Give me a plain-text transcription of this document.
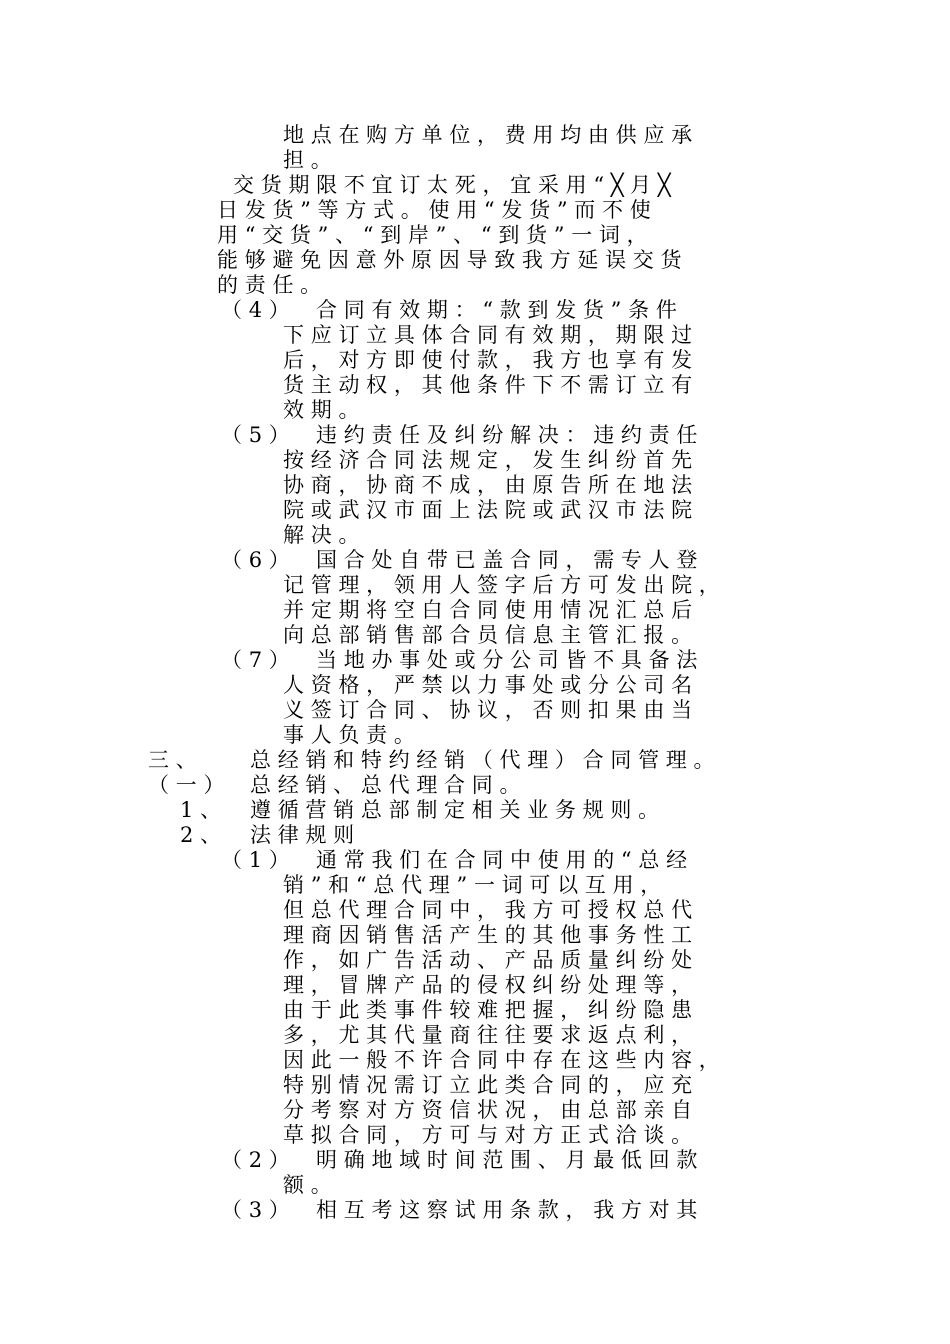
地点在购方单位，费用均由供应承

担。

交货期限不宜订太死，宜采用“╳月╳

日发货”等方式。使用“发货”而不使

用“交货”、“到岸”、“到货”一词，

能够避免因意外原因导致我方延误交货

的责任。

（4） 合同有效期：“款到发货”条件

下应订立具体合同有效期，期限过

后，对方即使付款，我方也享有发

货主动权，其他条件下不需订立有

效期。

（5） 违约责任及纠纷解决：违约责任

按经济合同法规定，发生纠纷首先

协商，协商不成，由原告所在地法

院或武汉市面上法院或武汉市法院

解决。

（6） 国合处自带已盖合同，需专人登

记管理，领用人签字后方可发出院，

并定期将空白合同使用情况汇总后

向总部销售部合员信息主管汇报。

（7） 当地办事处或分公司皆不具备法

人资格，严禁以力事处或分公司名

义签订合同、协议，否则扣果由当

事人负责。

三、 总经销和特约经销（代理）合同管理。

（一） 总经销、总代理合同。

1、 遵循营销总部制定相关业务规则。

2、 法律规则

（1） 通常我们在合同中使用的“总经

销”和“总代理”一词可以互用，

但总代理合同中，我方可授权总代

理商因销售活产生的其他事务性工

作，如广告活动、产品质量纠纷处

理，冒牌产品的侵权纠纷处理等，

由于此类事件较难把握，纠纷隐患

多，尤其代量商往往要求返点利，

因此一般不许合同中存在这些内容，

特别情况需订立此类合同的，应充

分考察对方资信状况，由总部亲自

草拟合同，方可与对方正式洽谈。

（2） 明确地域时间范围、月最低回款

额。

（3） 相互考这察试用条款，我方对其
